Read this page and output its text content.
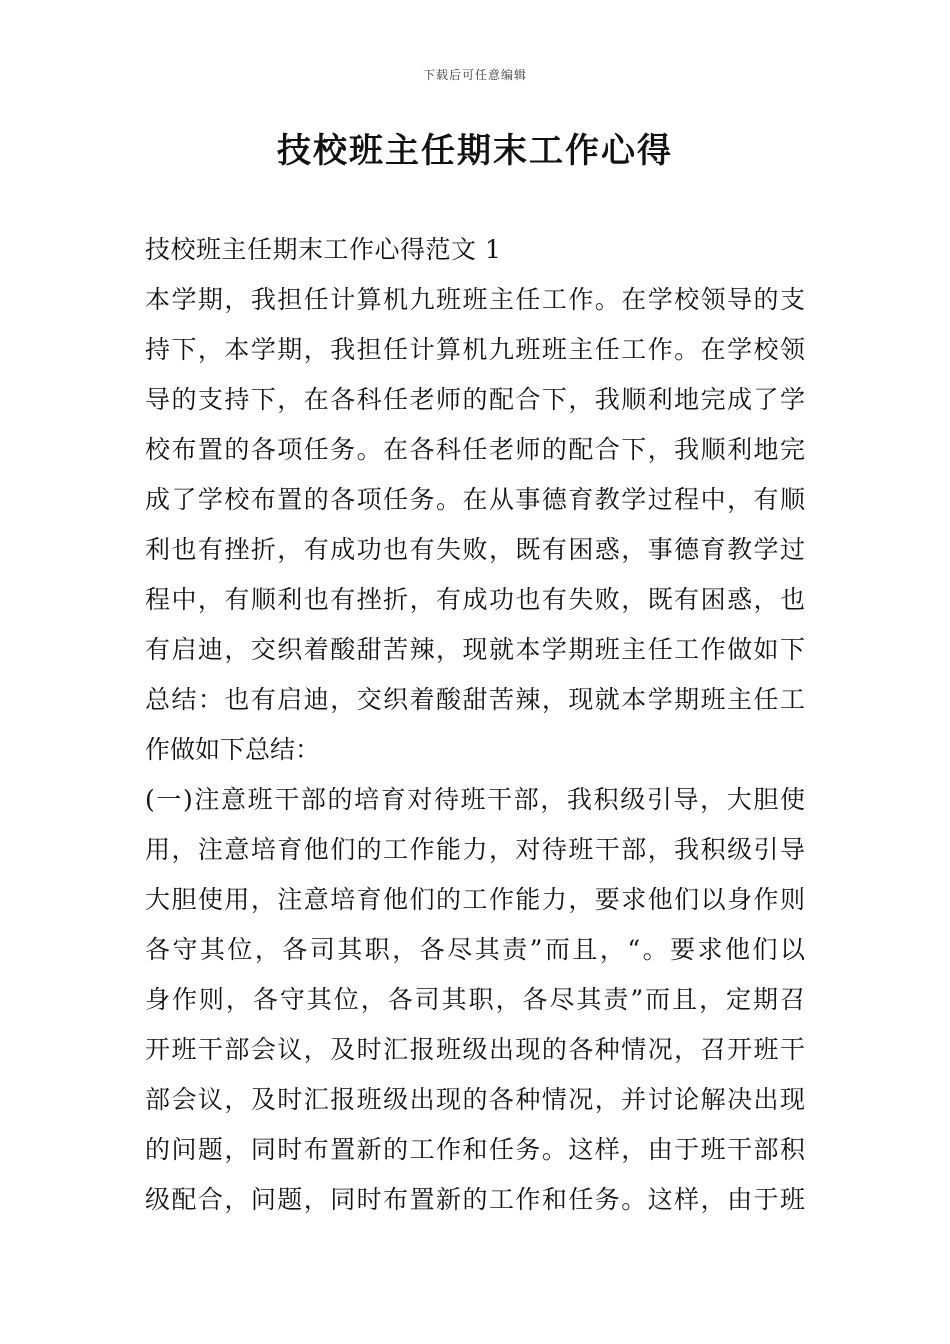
下载后可任意编辑
技校班主任期末工作心得
技校班主任期末工作心得范文 1
本学期，我担任计算机九班班主任工作。在学校领导的支
持下，本学期，我担任计算机九班班主任工作。在学校领
导的支持下，在各科任老师的配合下，我顺利地完成了学
校布置的各项任务。在各科任老师的配合下，我顺利地完
成了学校布置的各项任务。在从事德育教学过程中，有顺
利也有挫折，有成功也有失败，既有困惑，事德育教学过
程中，有顺利也有挫折，有成功也有失败，既有困惑，也
有启迪，交织着酸甜苦辣，现就本学期班主任工作做如下
总结：也有启迪，交织着酸甜苦辣，现就本学期班主任工
作做如下总结：
(一)注意班干部的培育对待班干部，我积级引导，大胆使
用，注意培育他们的工作能力，对待班干部，我积级引导
大胆使用，注意培育他们的工作能力，要求他们以身作则
各守其位，各司其职，各尽其责”而且，“。要求他们以
身作则，各守其位，各司其职，各尽其责”而且，定期召
开班干部会议，及时汇报班级出现的各种情况，召开班干
部会议，及时汇报班级出现的各种情况，并讨论解决出现
的问题，同时布置新的工作和任务。这样，由于班干部积
级配合，问题，同时布置新的工作和任务。这样，由于班
